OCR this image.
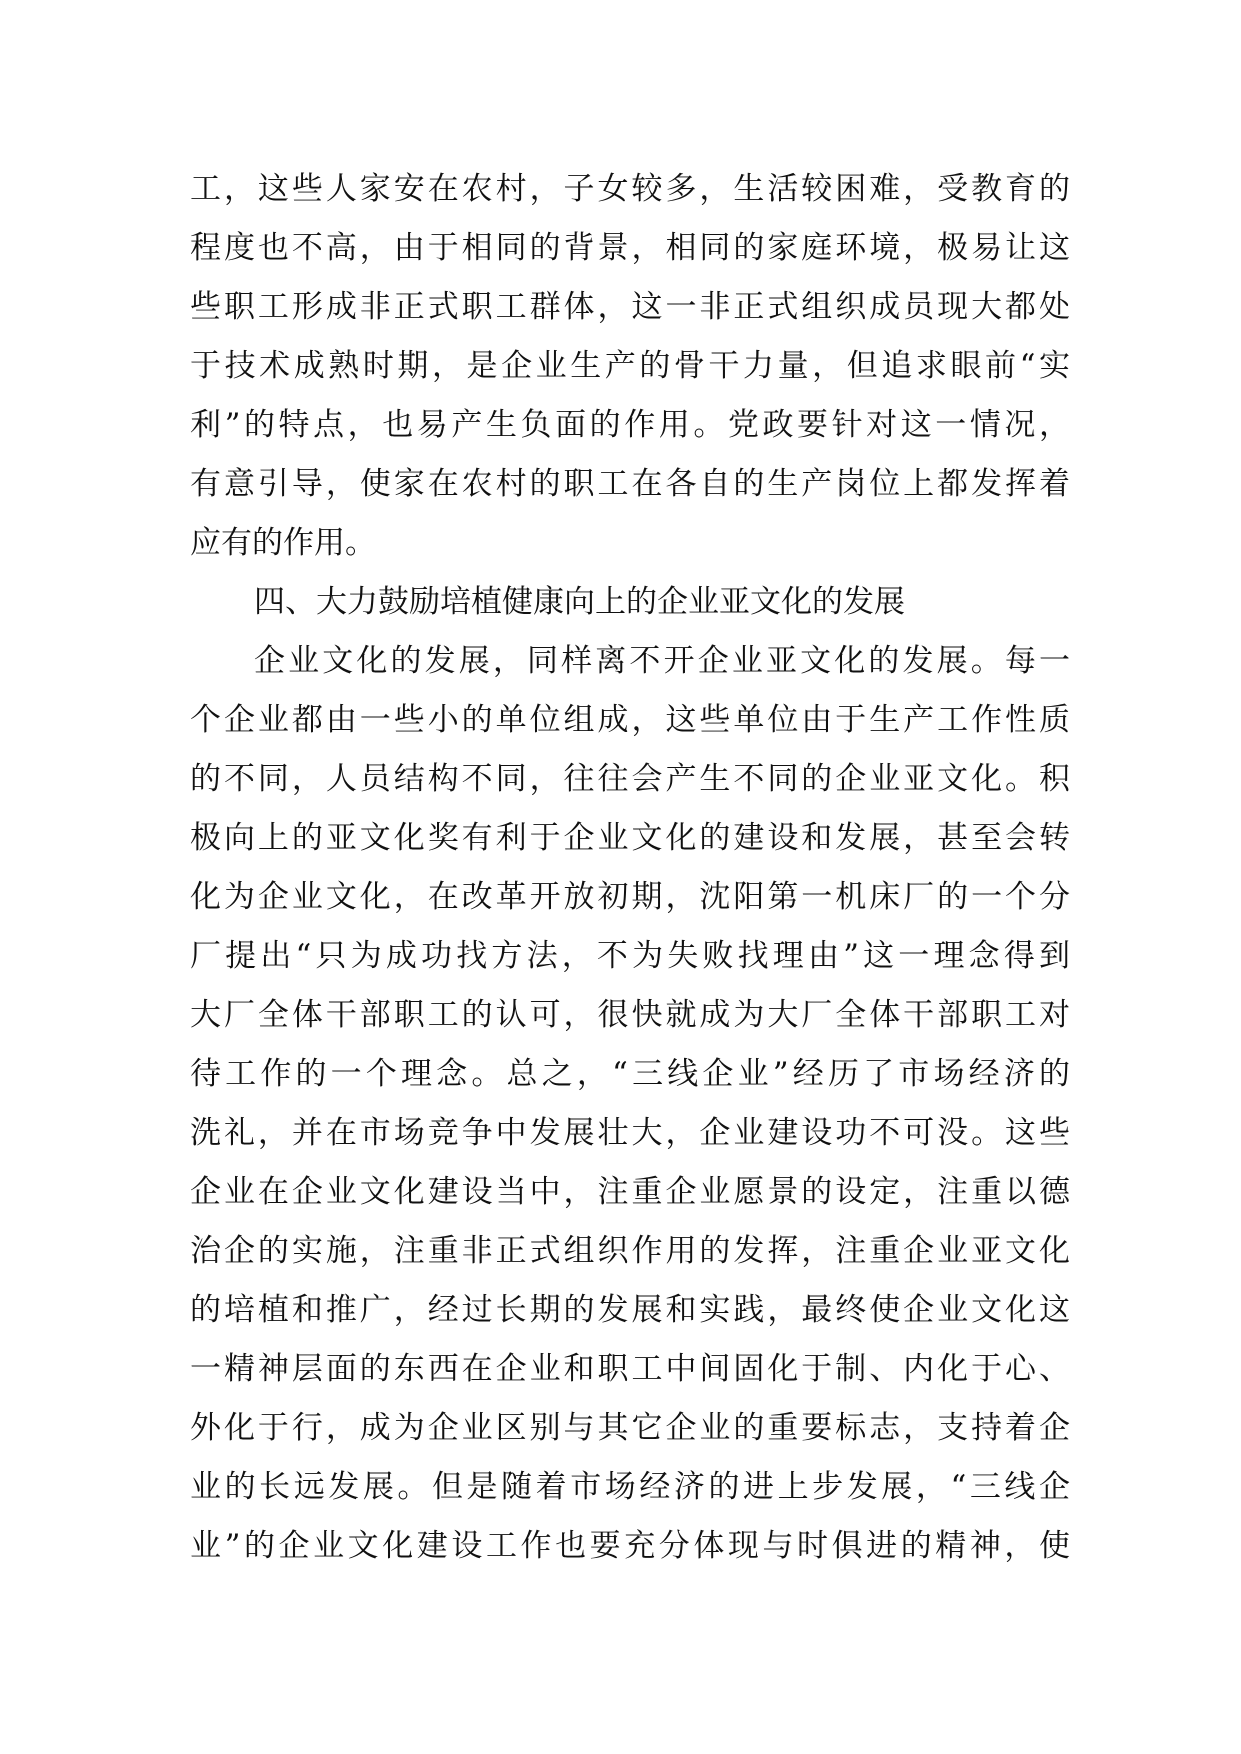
工，这些人家安在农村，子女较多，生活较困难，受教育的
程度也不高，由于相同的背景，相同的家庭环境，极易让这
些职工形成非正式职工群体，这一非正式组织成员现大都处
于技术成熟时期，是企业生产的骨干力量，但追求眼前“实
利”的特点，也易产生负面的作用。党政要针对这一情况，
有意引导，使家在农村的职工在各自的生产岗位上都发挥着
应有的作用。
四、大力鼓励培植健康向上的企业亚文化的发展
企业文化的发展，同样离不开企业亚文化的发展。每一
个企业都由一些小的单位组成，这些单位由于生产工作性质
的不同，人员结构不同，往往会产生不同的企业亚文化。积
极向上的亚文化奖有利于企业文化的建设和发展，甚至会转
化为企业文化，在改革开放初期，沈阳第一机床厂的一个分
厂提出“只为成功找方法，不为失败找理由”这一理念得到
大厂全体干部职工的认可，很快就成为大厂全体干部职工对
待工作的一个理念。总之，“三线企业”经历了市场经济的
洗礼，并在市场竞争中发展壮大，企业建设功不可没。这些
企业在企业文化建设当中，注重企业愿景的设定，注重以德
治企的实施，注重非正式组织作用的发挥，注重企业亚文化
的培植和推广，经过长期的发展和实践，最终使企业文化这
一精神层面的东西在企业和职工中间固化于制、内化于心、
外化于行，成为企业区别与其它企业的重要标志，支持着企
业的长远发展。但是随着市场经济的进上步发展，“三线企
业”的企业文化建设工作也要充分体现与时俱进的精神，使
